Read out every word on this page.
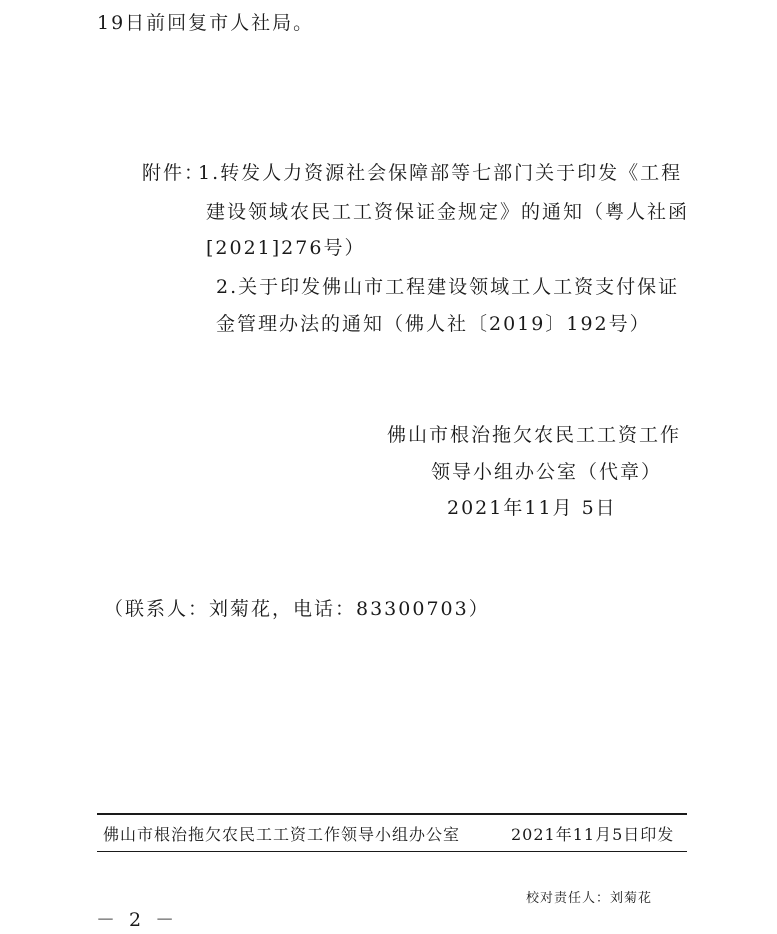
19日前回复市人社局。
附件：
1.转发人力资源社会保障部等七部门关于印发《工程
建设领域农民工工资保证金规定》的通知（粤人社函
[2021]276号）
2.关于印发佛山市工程建设领域工人工资支付保证
金管理办法的通知（佛人社〔2019〕192号）
佛山市根治拖欠农民工工资工作
领导小组办公室（代章）
2021年11月 5日
（联系人：刘菊花，电话：83300703）
佛山市根治拖欠农民工工资工作领导小组办公室	2021年11月5日印发
校对责任人：刘菊花
－ 2 －
